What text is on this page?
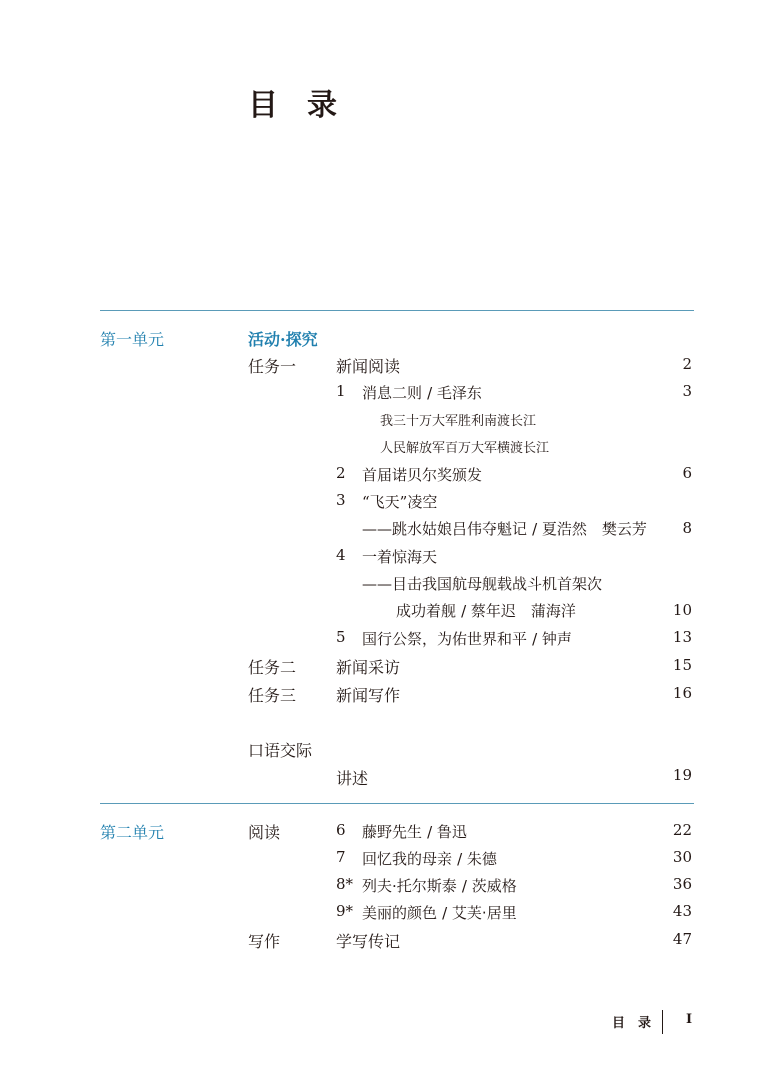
目 录
第一单元	活动·探究
任务一 新闻阅读	2
1 消息二则 / 毛泽东	3
我三十万大军胜利南渡长江
人民解放军百万大军横渡长江
2 首届诺贝尔奖颁发	6
3 “飞天”凌空
——跳水姑娘吕伟夺魁记 / 夏浩然　樊云芳 8
4 一着惊海天
——目击我国航母舰载战斗机首架次
成功着舰 / 蔡年迟　蒲海洋	10
5 国行公祭，为佑世界和平 / 钟声	13
任务二 新闻采访	15
任务三 新闻写作	16
口语交际
讲述	19
第二单元	阅读	6 藤野先生 / 鲁迅	22
7 回忆我的母亲 / 朱德	30
8* 列夫·托尔斯泰 / 茨威格	36
9* 美丽的颜色 / 艾芙·居里	43
写作	学写传记	47
目　录	I
